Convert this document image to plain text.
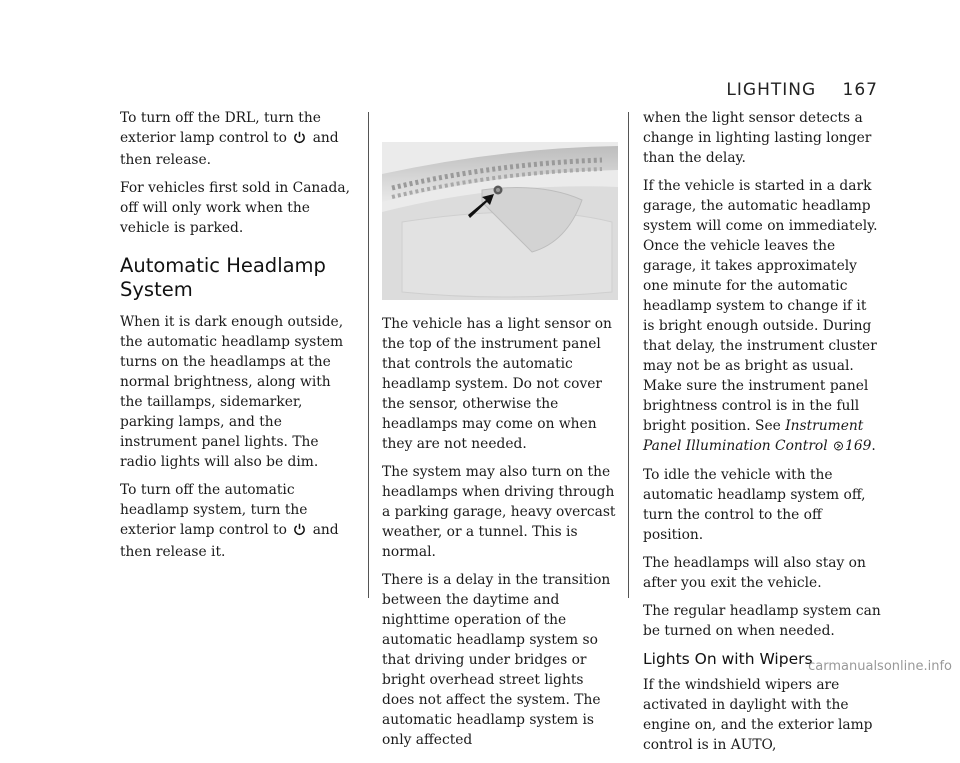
LIGHTING 167

To turn off the DRL, turn the exterior lamp control to and then release.

For vehicles first sold in Canada, off will only work when the vehicle is parked.

Automatic Headlamp System

When it is dark enough outside, the automatic headlamp system turns on the headlamps at the normal brightness, along with the taillamps, sidemarker, parking lamps, and the instrument panel lights. The radio lights will also be dim.

To turn off the automatic headlamp system, turn the exterior lamp control to and then release it.

The vehicle has a light sensor on the top of the instrument panel that controls the automatic headlamp system. Do not cover the sensor, otherwise the headlamps may come on when they are not needed.

The system may also turn on the headlamps when driving through a parking garage, heavy overcast weather, or a tunnel. This is normal.

There is a delay in the transition between the daytime and nighttime operation of the automatic headlamp system so that driving under bridges or bright overhead street lights does not affect the system. The automatic headlamp system is only affected

when the light sensor detects a change in lighting lasting longer than the delay.

If the vehicle is started in a dark garage, the automatic headlamp system will come on immediately. Once the vehicle leaves the garage, it takes approximately one minute for the automatic headlamp system to change if it is bright enough outside. During that delay, the instrument cluster may not be as bright as usual. Make sure the instrument panel brightness control is in the full bright position. See Instrument Panel Illumination Control 169.

To idle the vehicle with the automatic headlamp system off, turn the control to the off position.

The headlamps will also stay on after you exit the vehicle.

The regular headlamp system can be turned on when needed.

Lights On with Wipers

If the windshield wipers are activated in daylight with the engine on, and the exterior lamp control is in AUTO,

carmanualsonline.info
